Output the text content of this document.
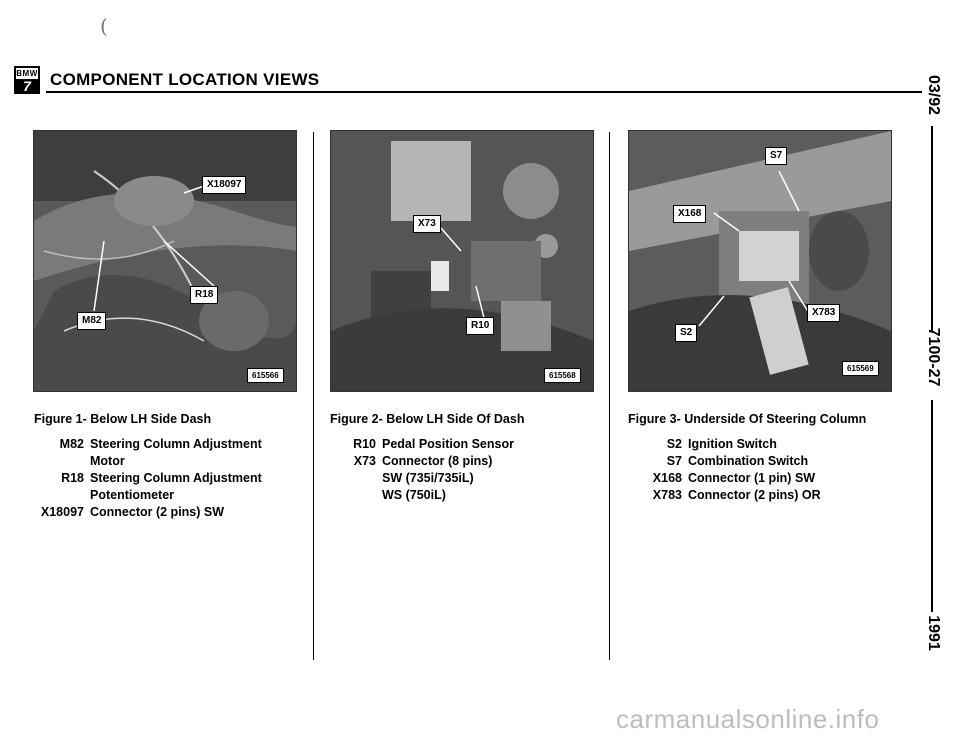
(
BMW
7	COMPONENT LOCATION VIEWS
X18097
R18
M82
615566
X73
R10
615568
S7
X168
X783
S2
615569
Figure 1- Below LH Side Dash
M82 Steering Column Adjustment
Motor
R18 Steering Column Adjustment
Potentiometer
X18097 Connector (2 pins) SW
Figure 2- Below LH Side Of Dash
R10 Pedal Position Sensor
X73 Connector (8 pins)
SW (735i/735iL)
WS (750iL)
Figure 3- Underside Of Steering Column
S2 Ignition Switch
S7 Combination Switch
X168 Connector (1 pin) SW
X783 Connector (2 pins) OR
03/92
7100-27
1991
carmanualsonline.info
